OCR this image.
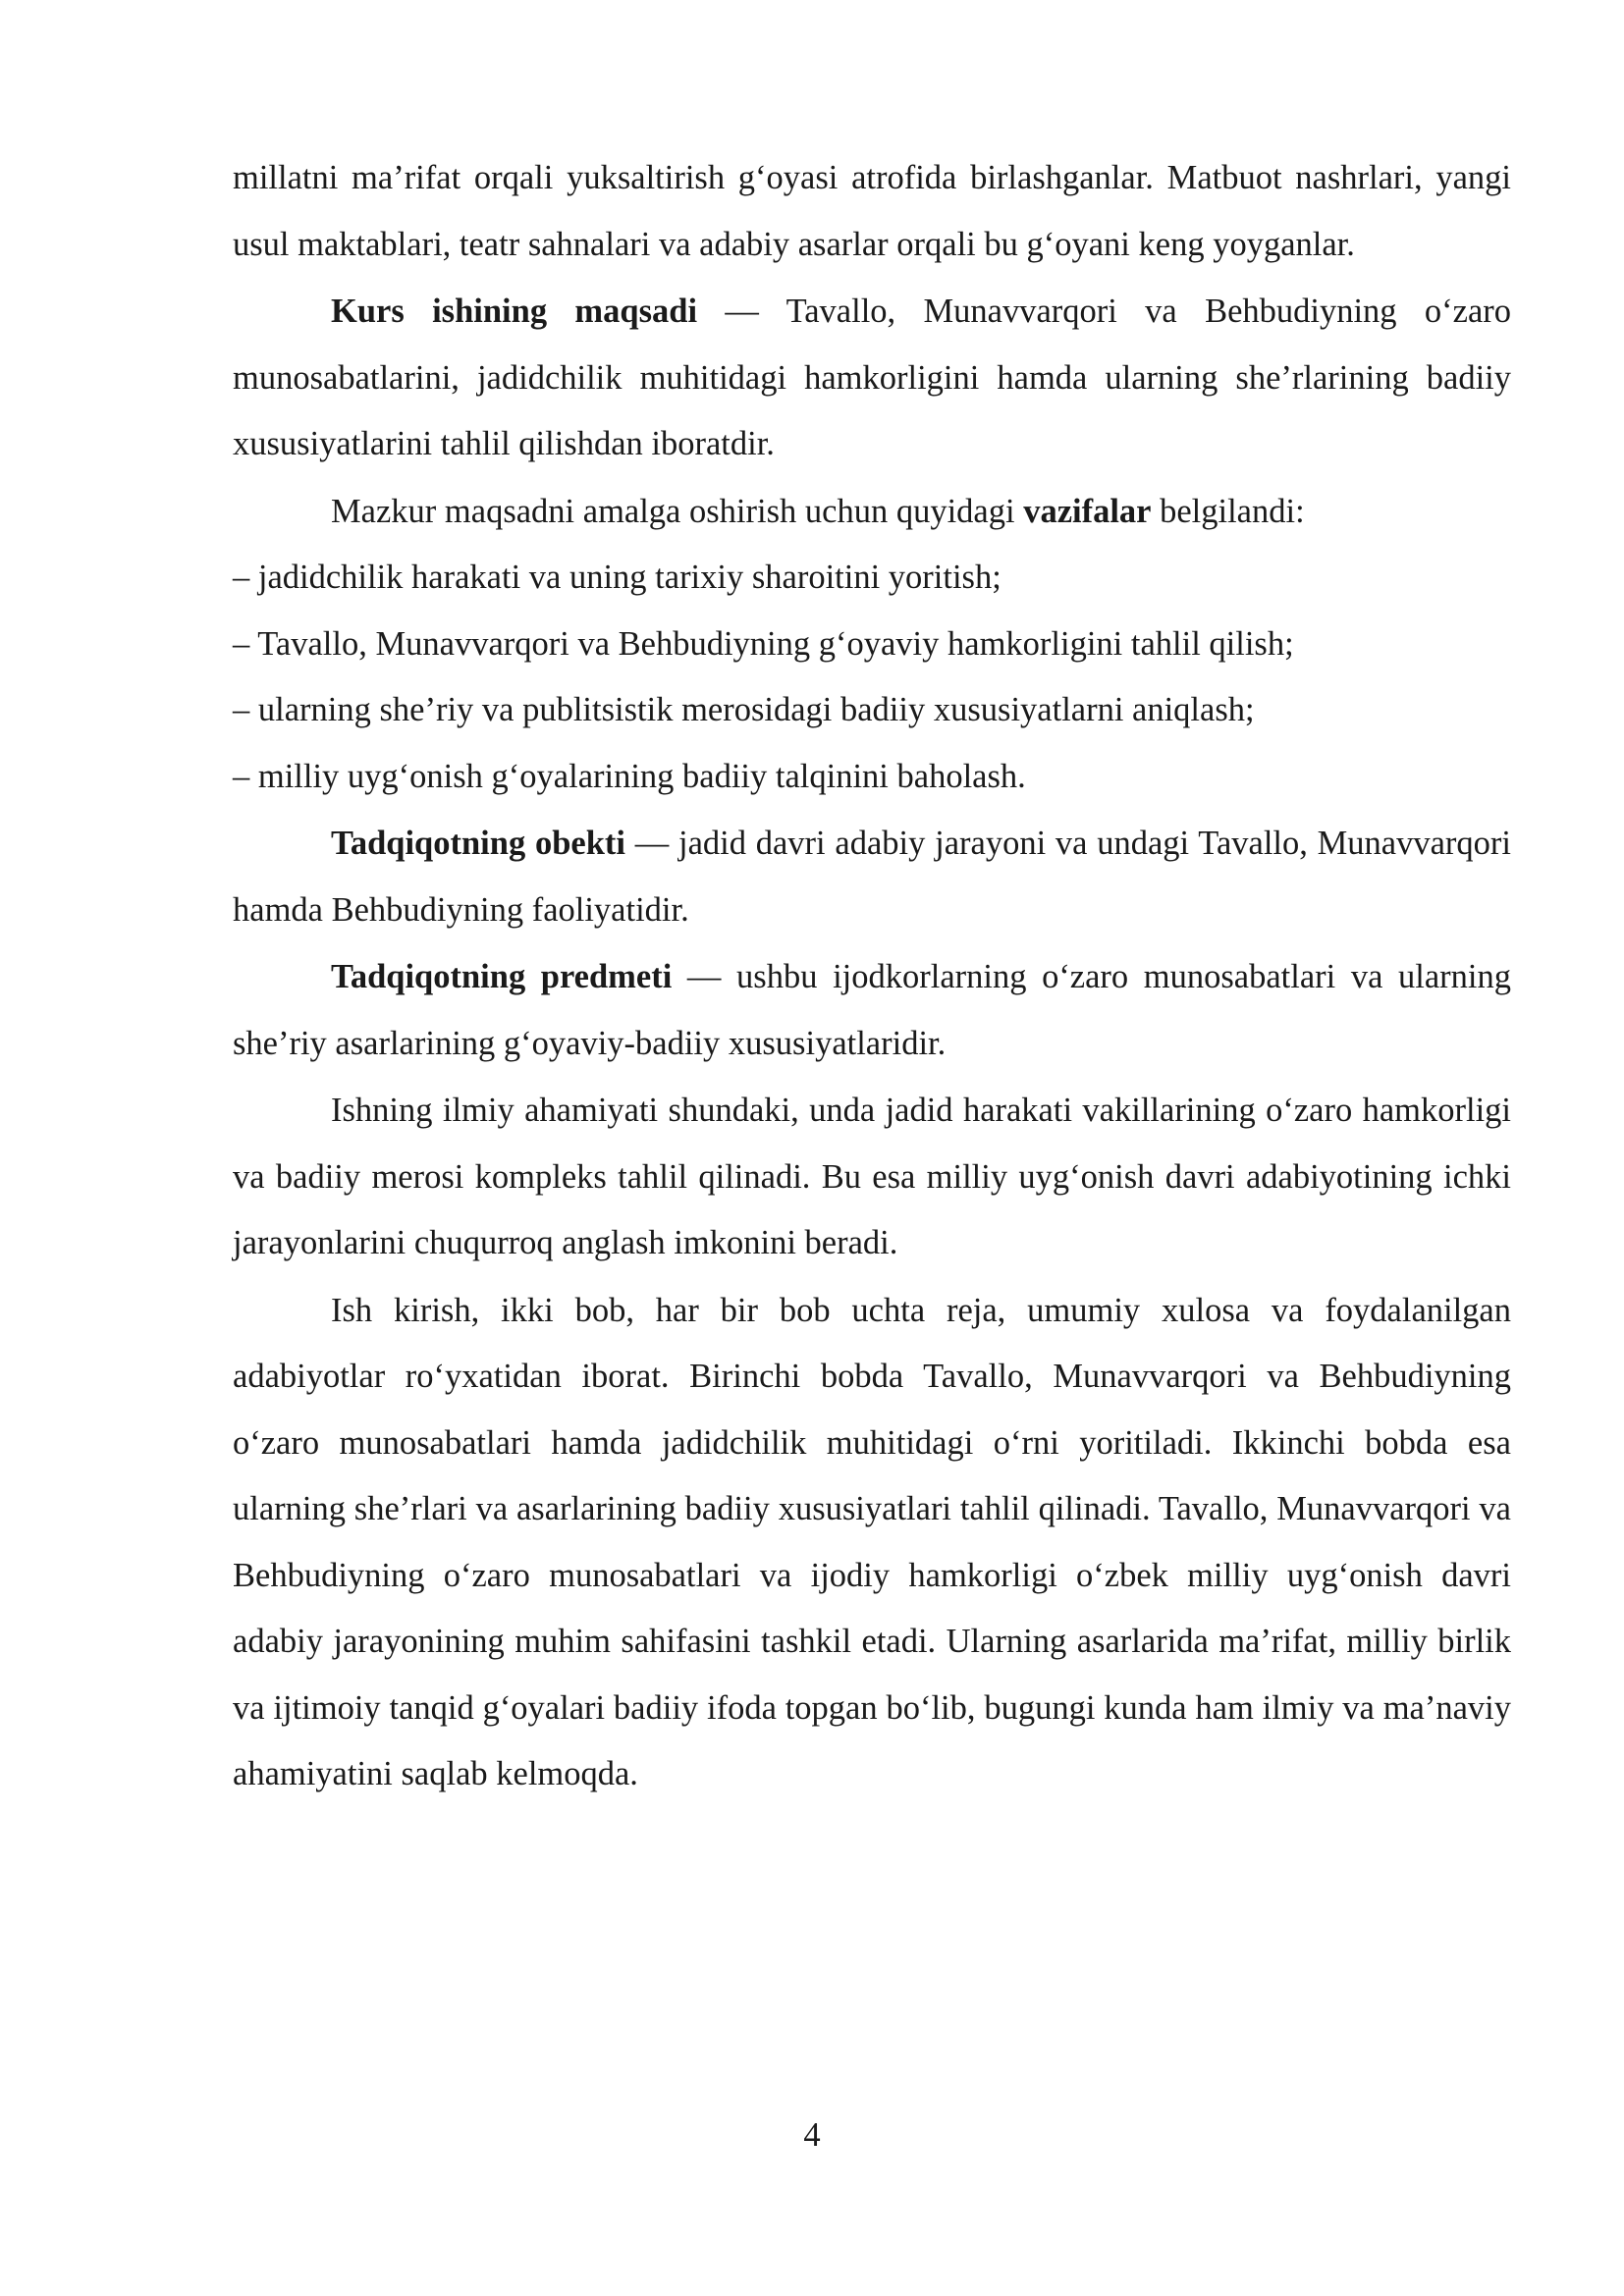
millatni ma’rifat orqali yuksaltirish g‘oyasi atrofida birlashganlar. Matbuot nashrlari, yangi usul maktablari, teatr sahnalari va adabiy asarlar orqali bu g‘oyani keng yoyganlar.

Kurs ishining maqsadi — Tavallo, Munavvarqori va Behbudiyning o‘zaro munosabatlarini, jadidchilik muhitidagi hamkorligini hamda ularning she’rlarining badiiy xususiyatlarini tahlil qilishdan iboratdir.

Mazkur maqsadni amalga oshirish uchun quyidagi vazifalar belgilandi:

– jadidchilik harakati va uning tarixiy sharoitini yoritish;

– Tavallo, Munavvarqori va Behbudiyning g‘oyaviy hamkorligini tahlil qilish;

– ularning she’riy va publitsistik merosidagi badiiy xususiyatlarni aniqlash;

– milliy uyg‘onish g‘oyalarining badiiy talqinini baholash.

Tadqiqotning obekti — jadid davri adabiy jarayoni va undagi Tavallo, Munavvarqori hamda Behbudiyning faoliyatidir.

Tadqiqotning predmeti — ushbu ijodkorlarning o‘zaro munosabatlari va ularning she’riy asarlarining g‘oyaviy-badiiy xususiyatlaridir.

Ishning ilmiy ahamiyati shundaki, unda jadid harakati vakillarining o‘zaro hamkorligi va badiiy merosi kompleks tahlil qilinadi. Bu esa milliy uyg‘onish davri adabiyotining ichki jarayonlarini chuqurroq anglash imkonini beradi.

Ish kirish, ikki bob, har bir bob uchta reja, umumiy xulosa va foydalanilgan adabiyotlar ro‘yxatidan iborat. Birinchi bobda Tavallo, Munavvarqori va Behbudiyning o‘zaro munosabatlari hamda jadidchilik muhitidagi o‘rni yoritiladi. Ikkinchi bobda esa ularning she’rlari va asarlarining badiiy xususiyatlari tahlil qilinadi. Tavallo, Munavvarqori va Behbudiyning o‘zaro munosabatlari va ijodiy hamkorligi o‘zbek milliy uyg‘onish davri adabiy jarayonining muhim sahifasini tashkil etadi. Ularning asarlarida ma’rifat, milliy birlik va ijtimoiy tanqid g‘oyalari badiiy ifoda topgan bo‘lib, bugungi kunda ham ilmiy va ma’naviy ahamiyatini saqlab kelmoqda.

4
